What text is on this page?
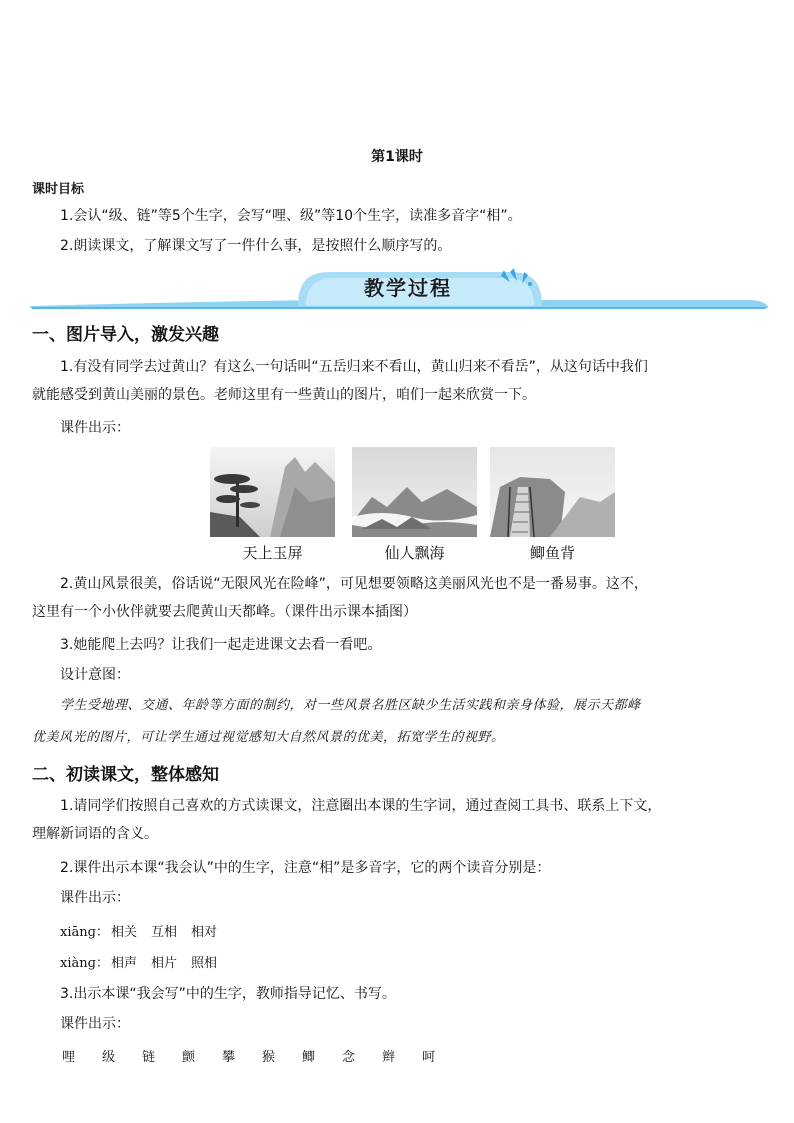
第1课时
课时目标
1.会认“级、链”等5个生字，会写“哩、级”等10个生字，读准多音字“相”。
2.朗读课文，了解课文写了一件什么事，是按照什么顺序写的。
教学过程
一、图片导入，激发兴趣
1.有没有同学去过黄山？有这么一句话叫“五岳归来不看山，黄山归来不看岳”，从这句话中我们
就能感受到黄山美丽的景色。老师这里有一些黄山的图片，咱们一起来欣赏一下。
课件出示：
天上玉屏	仙人飘海	鲫鱼背
2.黄山风景很美，俗话说“无限风光在险峰”，可见想要领略这美丽风光也不是一番易事。这不，
这里有一个小伙伴就要去爬黄山天都峰。（课件出示课本插图）
3.她能爬上去吗？让我们一起走进课文去看一看吧。
设计意图：
学生受地理、交通、年龄等方面的制约，对一些风景名胜区缺少生活实践和亲身体验，展示天都峰
优美风光的图片，可让学生通过视觉感知大自然风景的优美，拓宽学生的视野。
二、初读课文，整体感知
1.请同学们按照自己喜欢的方式读课文，注意圈出本课的生字词，通过查阅工具书、联系上下文，
理解新词语的含义。
2.课件出示本课“我会认”中的生字，注意“相”是多音字，它的两个读音分别是：
课件出示：
xiānɡ： 相关 互相 相对
xiànɡ： 相声 相片 照相
3.出示本课“我会写”中的生字，教师指导记忆、书写。
课件出示：
哩 级 链 颤 攀 猴 鲫 念 辫 呵
